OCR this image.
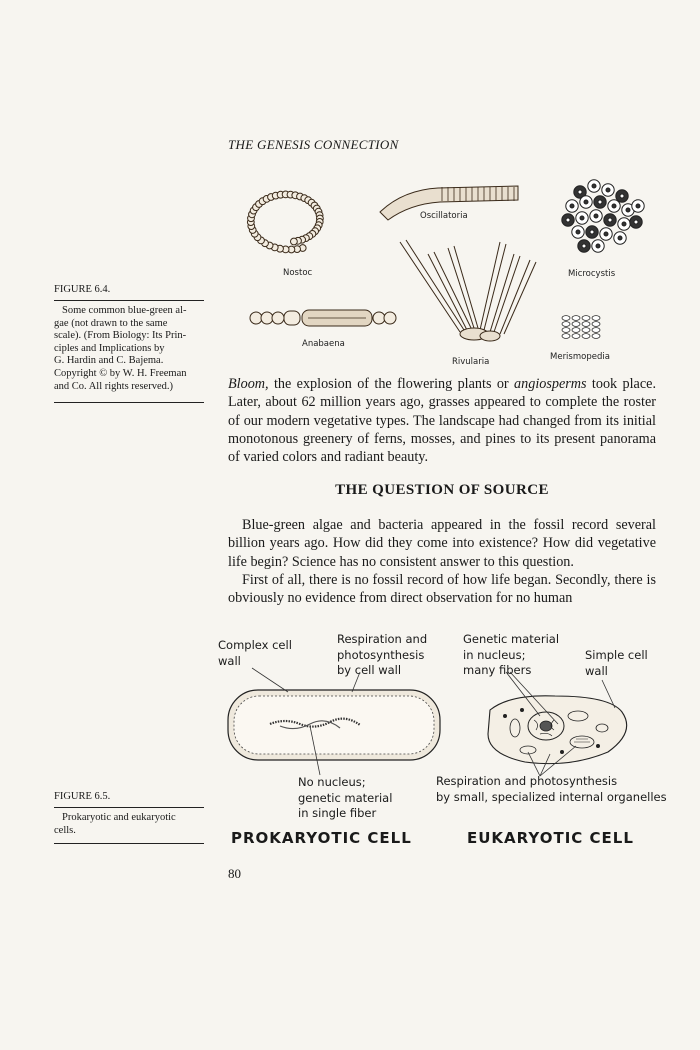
THE GENESIS CONNECTION
FIGURE 6.4.
Some common blue-green al-
gae (not drawn to the same
scale). (From Biology: Its Prin-
ciples and Implications by
G. Hardin and C. Bajema.
Copyright © by W. H. Freeman
and Co. All rights reserved.)
Nostoc
Oscillatoria
Microcystis
Anabaena
Rivularia	Merismopedia

Bloom, the explosion of the flowering plants or angiosperms took place. Later, about 62 million years ago, grasses appeared to complete the roster of our modern vegetative types. The landscape had changed from its initial monotonous greenery of ferns, mosses, and pines to its present panorama of varied colors and radiant beauty.

THE QUESTION OF SOURCE

Blue-green algae and bacteria appeared in the fossil record several billion years ago. How did they come into existence? How did vegetative life begin? Science has no consistent answer to this question.

First of all, there is no fossil record of how life began. Secondly, there is obviously no evidence from direct observation for no human

FIGURE 6.5.
Prokaryotic and eukaryotic
cells.
Complex cell
wall
Respiration and
photosynthesis
by cell wall
No nucleus;
genetic material
in single fiber
PROKARYOTIC CELL
Genetic material
in nucleus;
many fibers
Simple cell
wall
Respiration and photosynthesis
by small, specialized internal organelles
EUKARYOTIC CELL
80
